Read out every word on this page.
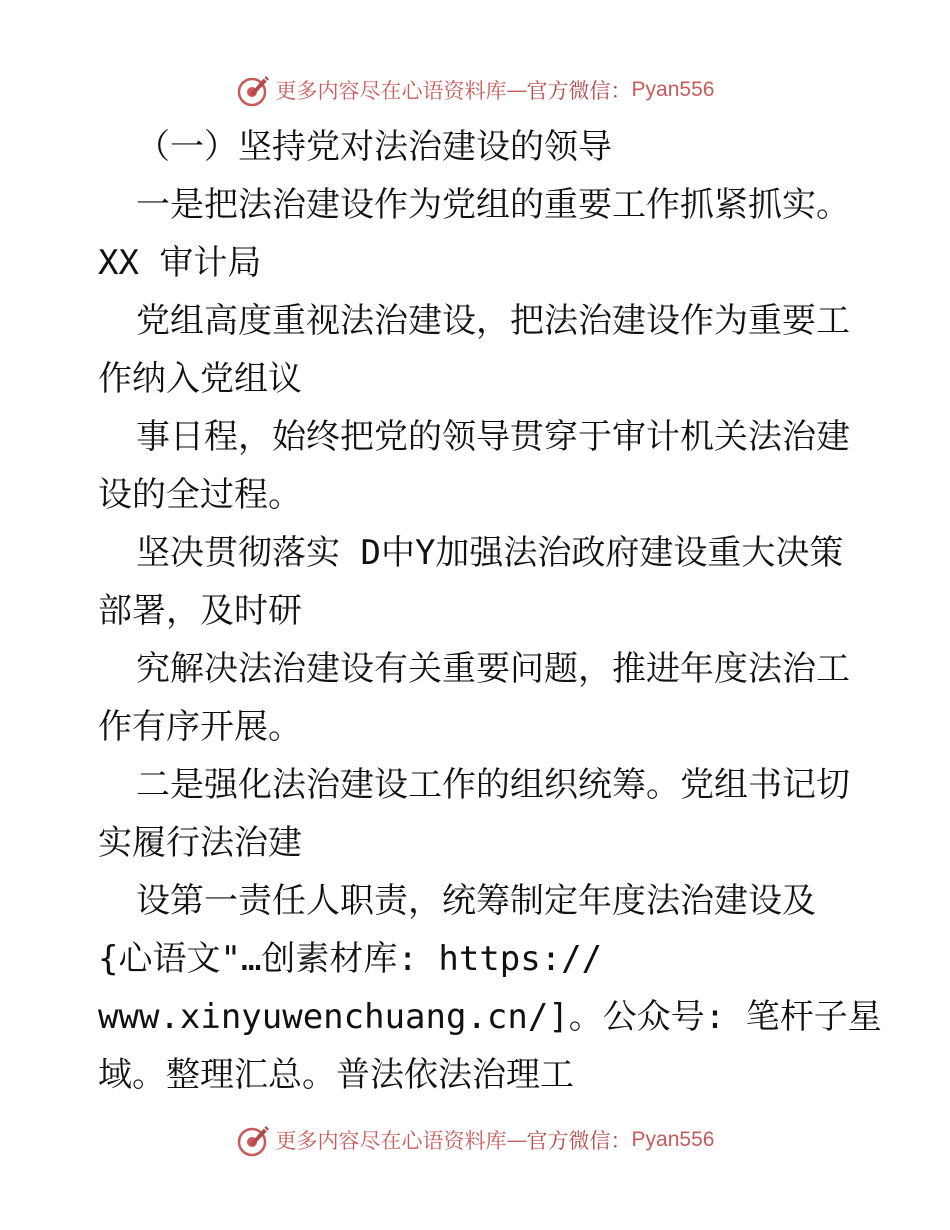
更多内容尽在心语资料库 — 官方微信： Pyan556

（一）坚持党对法治建设的领导

一是把法治建设作为党组的重要工作抓紧抓实。

XX 审计局

党组高度重视法治建设，把法治建设作为重要工

作纳入党组议

事日程，始终把党的领导贯穿于审计机关法治建

设的全过程。

坚决贯彻落实 D中Y加强法治政府建设重大决策

部署，及时研

究解决法治建设有关重要问题，推进年度法治工

作有序开展。

二是强化法治建设工作的组织统筹。党组书记切

实履行法治建

设第一责任人职责，统筹制定年度法治建设及

{心语文"…创素材库: https://

www.xinyuwenchuang.cn/]。公众号: 笔杆子星

域。整理汇总。普法依法治理工

更多内容尽在心语资料库 — 官方微信： Pyan556
